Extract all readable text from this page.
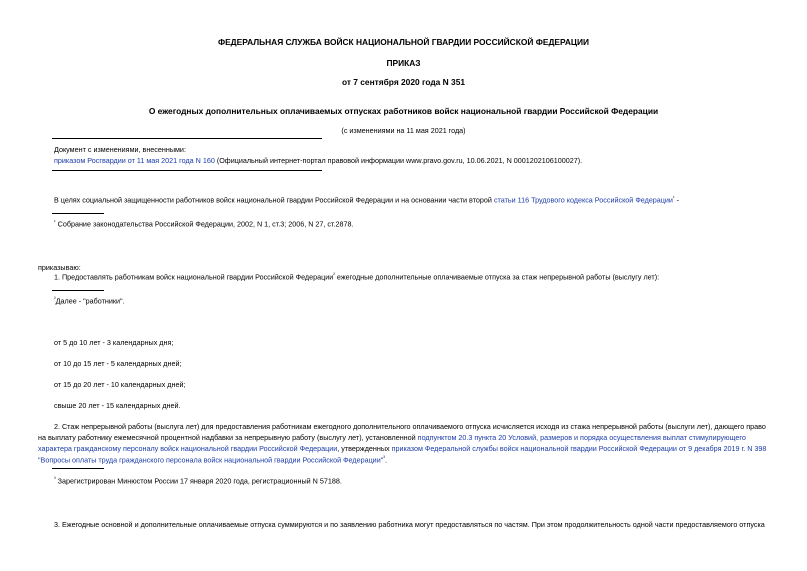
ФЕДЕРАЛЬНАЯ СЛУЖБА ВОЙСК НАЦИОНАЛЬНОЙ ГВАРДИИ РОССИЙСКОЙ ФЕДЕРАЦИИ
ПРИКАЗ
от 7 сентября 2020 года N 351
О ежегодных дополнительных оплачиваемых отпусках работников войск национальной гвардии Российской Федерации
(с изменениями на 11 мая 2021 года)
Документ с изменениями, внесенными:
приказом Росгвардии от 11 мая 2021 года N 160 (Официальный интернет-портал правовой информации www.pravo.gov.ru, 10.06.2021, N 0001202106100027).
В целях социальной защищенности работников войск национальной гвардии Российской Федерации и на основании части второй статьи 116 Трудового кодекса Российской Федерации$^{^1}$ -
$^{^1}$ Собрание законодательства Российской Федерации, 2002, N 1, ст.3; 2006, N 27, ст.2878.
приказываю:
1. Предоставлять работникам войск национальной гвардии Российской Федерации$^{^2}$ ежегодные дополнительные оплачиваемые отпуска за стаж непрерывной работы (выслугу лет):
$^{^2}$Далее - "работники".
от 5 до 10 лет - 3 календарных дня;
от 10 до 15 лет - 5 календарных дней;
от 15 до 20 лет - 10 календарных дней;
свыше 20 лет - 15 календарных дней.
2. Стаж непрерывной работы (выслуга лет) для предоставления работникам ежегодного дополнительного оплачиваемого отпуска исчисляется исходя из стажа непрерывной работы (выслуги лет), дающего право
на выплату работнику ежемесячной процентной надбавки за непрерывную работу (выслугу лет), установленной подпунктом 20.3 пункта 20 Условий, размеров и порядка осуществления выплат стимулирующего
характера гражданскому персоналу войск национальной гвардии Российской Федерации, утвержденных приказом Федеральной службы войск национальной гвардии Российской Федерации от 9 декабря 2019 г. N 398
"Вопросы оплаты труда гражданского персонала войск национальной гвардии Российской Федерации"$^{^3}$.
$^{^3}$ Зарегистрирован Минюстом России 17 января 2020 года, регистрационный N 57188.
3. Ежегодные основной и дополнительные оплачиваемые отпуска суммируются и по заявлению работника могут предоставляться по частям. При этом продолжительность одной части предоставляемого отпуска
